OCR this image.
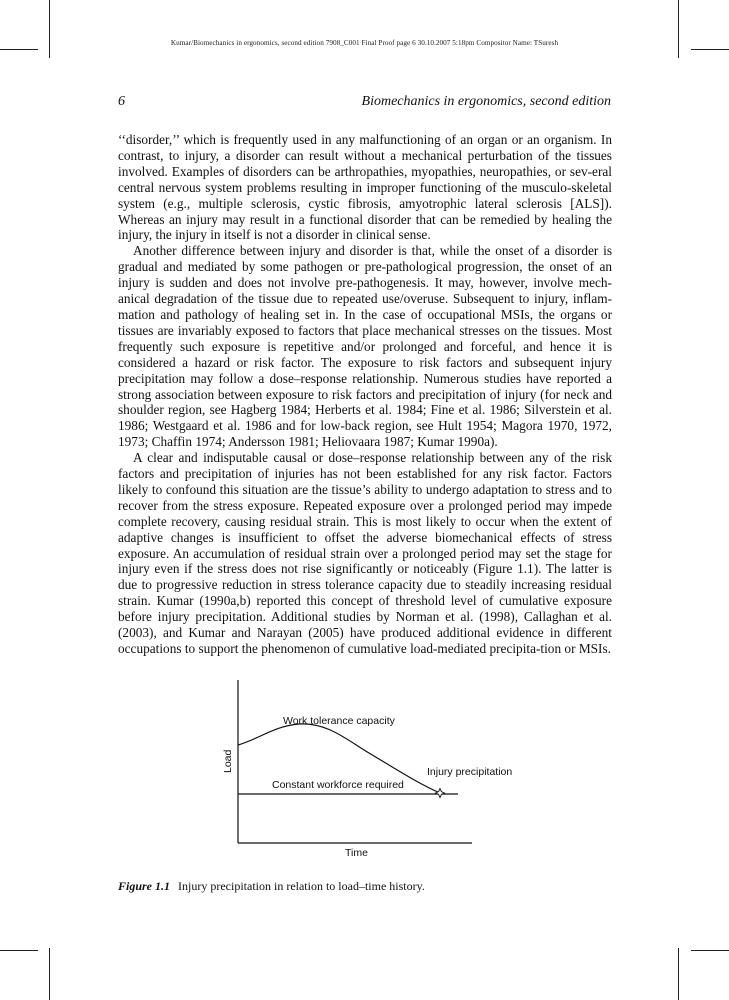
Kumar/Biomechanics in ergonomics, second edition 7908_C001 Final Proof page 6 30.10.2007 5:18pm Compositor Name: TSuresh
6	Biomechanics in ergonomics, second edition

‘‘disorder,’’ which is frequently used in any malfunctioning of an organ or an organism. In contrast, to injury, a disorder can result without a mechanical perturbation of the tissues involved. Examples of disorders can be arthropathies, myopathies, neuropathies, or sev-eral central nervous system problems resulting in improper functioning of the musculo-skeletal system (e.g., multiple sclerosis, cystic fibrosis, amyotrophic lateral sclerosis [ALS]). Whereas an injury may result in a functional disorder that can be remedied by healing the injury, the injury in itself is not a disorder in clinical sense.

Another difference between injury and disorder is that, while the onset of a disorder is gradual and mediated by some pathogen or pre-pathological progression, the onset of an injury is sudden and does not involve pre-pathogenesis. It may, however, involve mech-anical degradation of the tissue due to repeated use/overuse. Subsequent to injury, inflam-mation and pathology of healing set in. In the case of occupational MSIs, the organs or tissues are invariably exposed to factors that place mechanical stresses on the tissues. Most frequently such exposure is repetitive and/or prolonged and forceful, and hence it is considered a hazard or risk factor. The exposure to risk factors and subsequent injury precipitation may follow a dose–response relationship. Numerous studies have reported a strong association between exposure to risk factors and precipitation of injury (for neck and shoulder region, see Hagberg 1984; Herberts et al. 1984; Fine et al. 1986; Silverstein et al. 1986; Westgaard et al. 1986 and for low-back region, see Hult 1954; Magora 1970, 1972, 1973; Chaffin 1974; Andersson 1981; Heliovaara 1987; Kumar 1990a).

A clear and indisputable causal or dose–response relationship between any of the risk factors and precipitation of injuries has not been established for any risk factor. Factors likely to confound this situation are the tissue’s ability to undergo adaptation to stress and to recover from the stress exposure. Repeated exposure over a prolonged period may impede complete recovery, causing residual strain. This is most likely to occur when the extent of adaptive changes is insufficient to offset the adverse biomechanical effects of stress exposure. An accumulation of residual strain over a prolonged period may set the stage for injury even if the stress does not rise significantly or noticeably (Figure 1.1). The latter is due to progressive reduction in stress tolerance capacity due to steadily increasing residual strain. Kumar (1990a,b) reported this concept of threshold level of cumulative exposure before injury precipitation. Additional studies by Norman et al. (1998), Callaghan et al. (2003), and Kumar and Narayan (2005) have produced additional evidence in different occupations to support the phenomenon of cumulative load-mediated precipita-tion or MSIs.

Load
Time
Work tolerance capacity
Constant workforce required
Injury precipitation
Figure 1.1 Injury precipitation in relation to load–time history.
